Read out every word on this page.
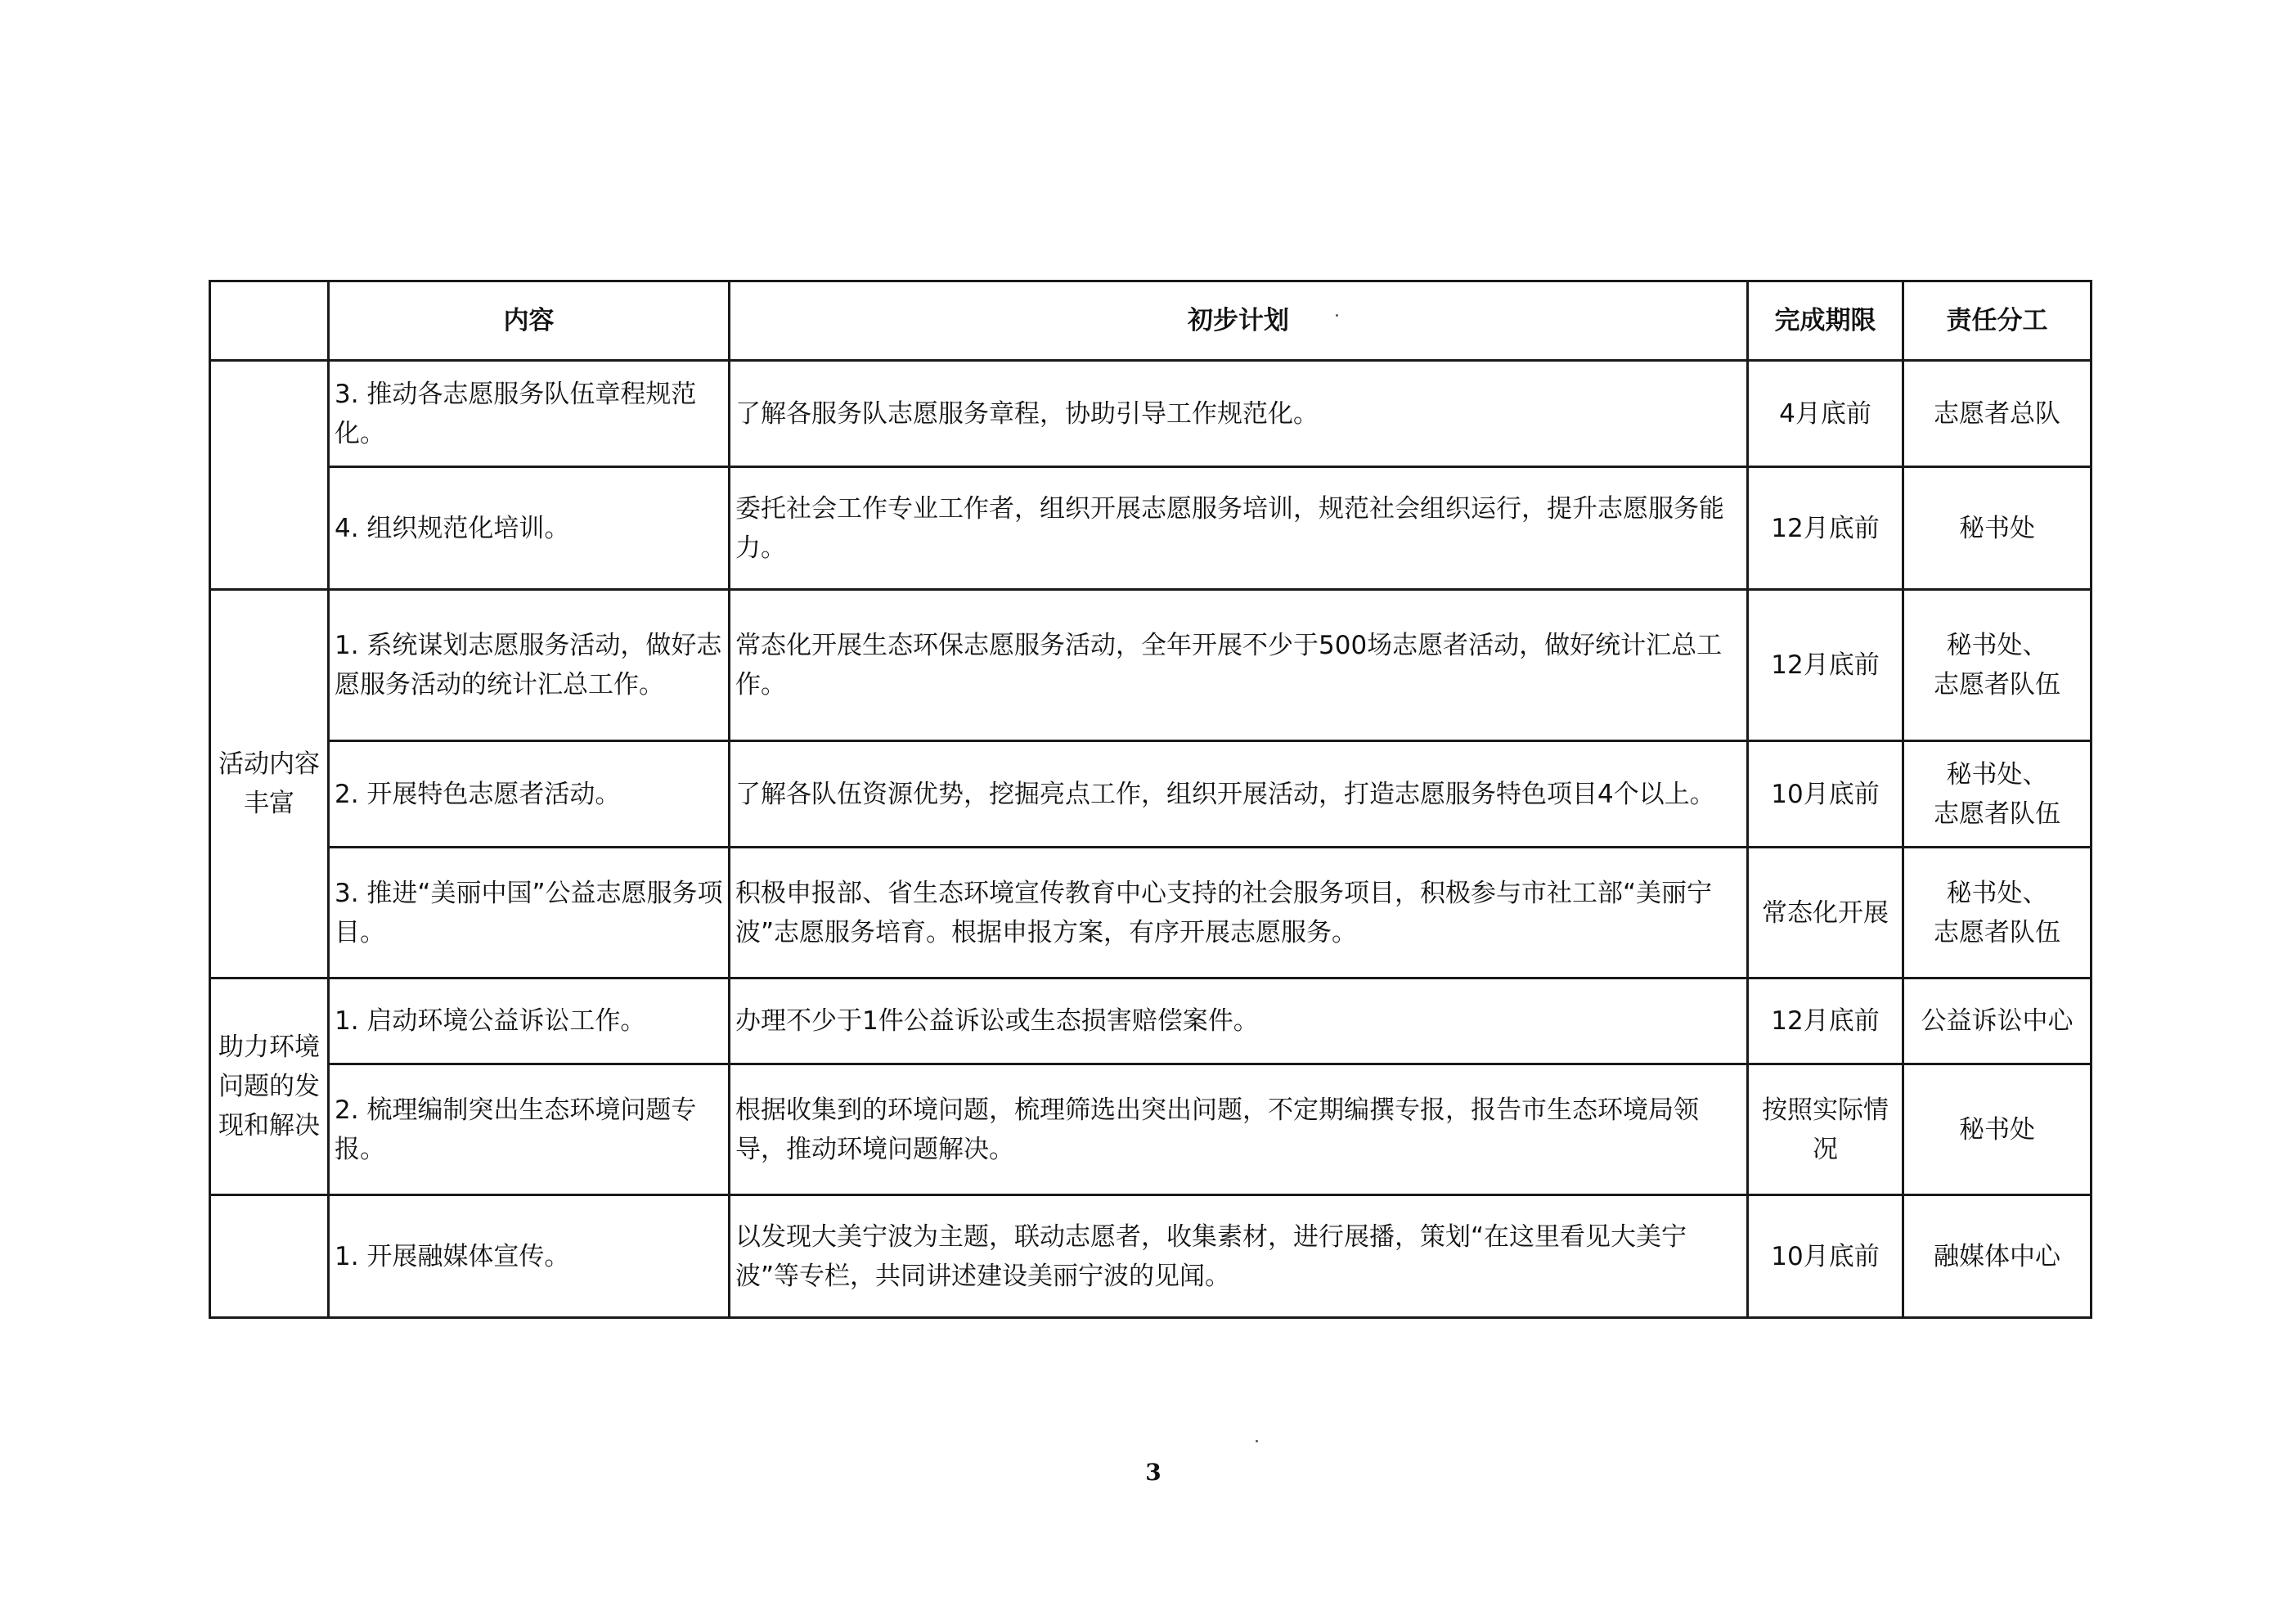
	内容	初步计划	完成期限	责任分工
	3. 推动各志愿服务队伍章程规范化。	了解各服务队志愿服务章程，协助引导工作规范化。	4月底前	志愿者总队

	4. 组织规范化培训。	委托社会工作专业工作者，组织开展志愿服务培训，规范社会组织运行，提升志愿服务能力。	12月底前	秘书处

活动内容丰富	1. 系统谋划志愿服务活动，做好志愿服务活动的统计汇总工作。	常态化开展生态环保志愿服务活动，全年开展不少于500场志愿者活动，做好统计汇总工作。	12月底前	秘书处、
志愿者队伍

	2. 开展特色志愿者活动。	了解各队伍资源优势，挖掘亮点工作，组织开展活动，打造志愿服务特色项目4个以上。	10月底前	秘书处、
志愿者队伍

	3. 推进“美丽中国”公益志愿服务项目。	积极申报部、省生态环境宣传教育中心支持的社会服务项目，积极参与市社工部“美丽宁波”志愿服务培育。根据申报方案，有序开展志愿服务。	常态化开展	秘书处、
志愿者队伍

助力环境问题的发现和解决	1. 启动环境公益诉讼工作。	办理不少于1件公益诉讼或生态损害赔偿案件。	12月底前	公益诉讼中心

	2. 梳理编制突出生态环境问题专报。	根据收集到的环境问题，梳理筛选出突出问题，不定期编撰专报，报告市生态环境局领导，推动环境问题解决。	按照实际情况	秘书处

	1. 开展融媒体宣传。	以发现大美宁波为主题，联动志愿者，收集素材，进行展播，策划“在这里看见大美宁波”等专栏，共同讲述建设美丽宁波的见闻。	10月底前	融媒体中心
3
